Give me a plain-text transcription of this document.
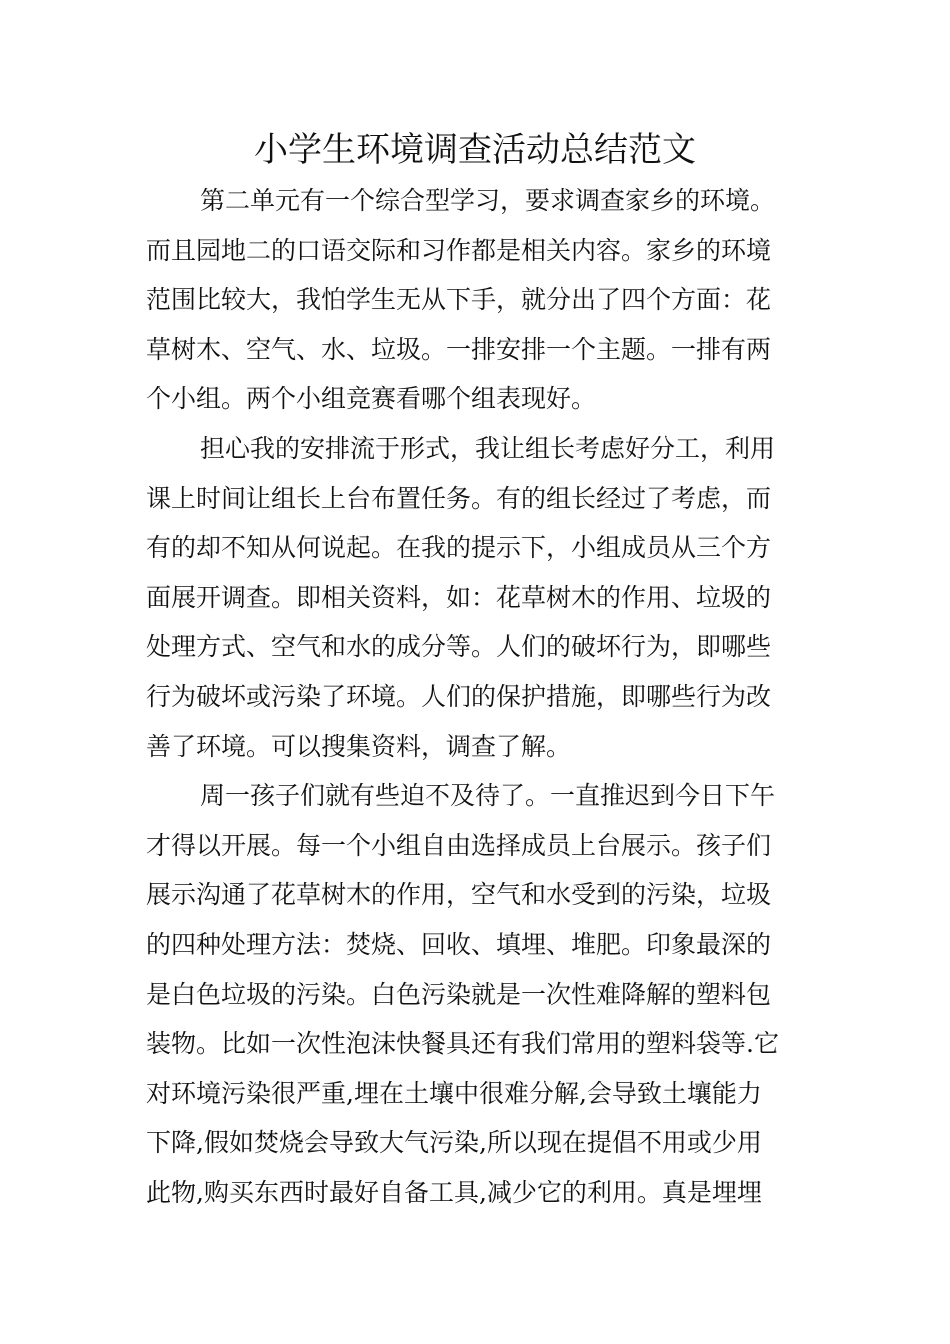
小学生环境调查活动总结范文
第二单元有一个综合型学习，要求调查家乡的环境。
而且园地二的口语交际和习作都是相关内容。家乡的环境
范围比较大，我怕学生无从下手，就分出了四个方面：花
草树木、空气、水、垃圾。一排安排一个主题。一排有两
个小组。两个小组竞赛看哪个组表现好。
担心我的安排流于形式，我让组长考虑好分工，利用
课上时间让组长上台布置任务。有的组长经过了考虑，而
有的却不知从何说起。在我的提示下，小组成员从三个方
面展开调查。即相关资料，如：花草树木的作用、垃圾的
处理方式、空气和水的成分等。人们的破坏行为，即哪些
行为破坏或污染了环境。人们的保护措施，即哪些行为改
善了环境。可以搜集资料，调查了解。
周一孩子们就有些迫不及待了。一直推迟到今日下午
才得以开展。每一个小组自由选择成员上台展示。孩子们
展示沟通了花草树木的作用，空气和水受到的污染，垃圾
的四种处理方法：焚烧、回收、填埋、堆肥。印象最深的
是白色垃圾的污染。白色污染就是一次性难降解的塑料包
装物。比如一次性泡沫快餐具还有我们常用的塑料袋等.它
对环境污染很严重,埋在土壤中很难分解,会导致土壤能力
下降,假如焚烧会导致大气污染,所以现在提倡不用或少用
此物,购买东西时最好自备工具,减少它的利用。真是埋埋
